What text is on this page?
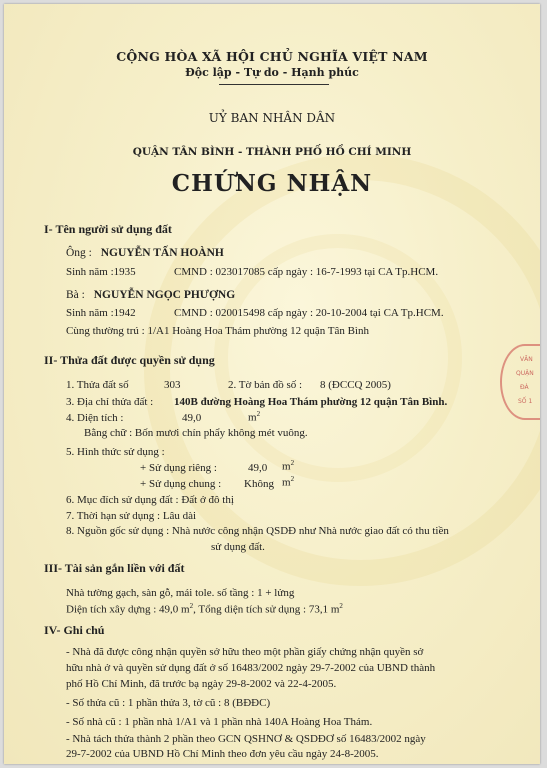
CỘNG HÒA XÃ HỘI CHỦ NGHĨA VIỆT NAM
Độc lập - Tự do - Hạnh phúc
UỶ BAN NHÂN DÂN
QUẬN TÂN BÌNH - THÀNH PHỐ HỒ CHÍ MINH
CHỨNG NHẬN
I- Tên người sử dụng đất
Ông : NGUYỄN TẤN HOÀNH
Sinh năm :1935	CMND : 023017085 cấp ngày : 16-7-1993 tại CA Tp.HCM.
Bà : NGUYỄN NGỌC PHƯỢNG
Sinh năm :1942	CMND : 020015498 cấp ngày : 20-10-2004 tại CA Tp.HCM.
Cùng thường trú : 1/A1 Hoàng Hoa Thám phường 12 quận Tân Bình
II- Thửa đất được quyền sử dụng
1. Thửa đất số	303	2. Tờ bản đồ số : 8 (ĐCCQ 2005)
3. Địa chỉ thửa đất : 140B đường Hoàng Hoa Thám phường 12 quận Tân Bình.
4. Diện tích :	49,0	$m^2$
Bằng chữ : Bốn mươi chín phẩy không mét vuông.
5. Hình thức sử dụng :
+ Sử dụng riêng :	49,0 $m^2$
+ Sử dụng chung : Không $m^2$
6. Mục đích sử dụng đất : Đất ở đô thị
7. Thời hạn sử dụng : Lâu dài
8. Nguồn gốc sử dụng : Nhà nước công nhận QSDĐ như Nhà nước giao đất có thu tiền
sử dụng đất.
III- Tài sản gắn liền với đất
Nhà tường gạch, sàn gỗ, mái tole. số tầng : 1 + lửng
Diện tích xây dựng : 49,0 $m^2$, Tổng diện tích sử dụng : 73,1 $m^2$
IV- Ghi chú
- Nhà đã được công nhận quyền sở hữu theo một phần giấy chứng nhận quyền sở
hữu nhà ở và quyền sử dụng đất ở số 16483/2002 ngày 29-7-2002 của UBND thành
phố Hồ Chí Minh, đã trước bạ ngày 29-8-2002 và 22-4-2005.
- Số thửa cũ : 1 phần thửa 3, tờ cũ : 8 (BĐĐC)
- Số nhà cũ : 1 phần nhà 1/A1 và 1 phần nhà 140A Hoàng Hoa Thám.
- Nhà tách thửa thành 2 phần theo GCN QSHNƠ & QSDĐƠ số 16483/2002 ngày
29-7-2002 của UBND Hồ Chí Minh theo đơn yêu cầu ngày 24-8-2005.
VĂN
QUẬN
ĐÀ
SỐ 1
